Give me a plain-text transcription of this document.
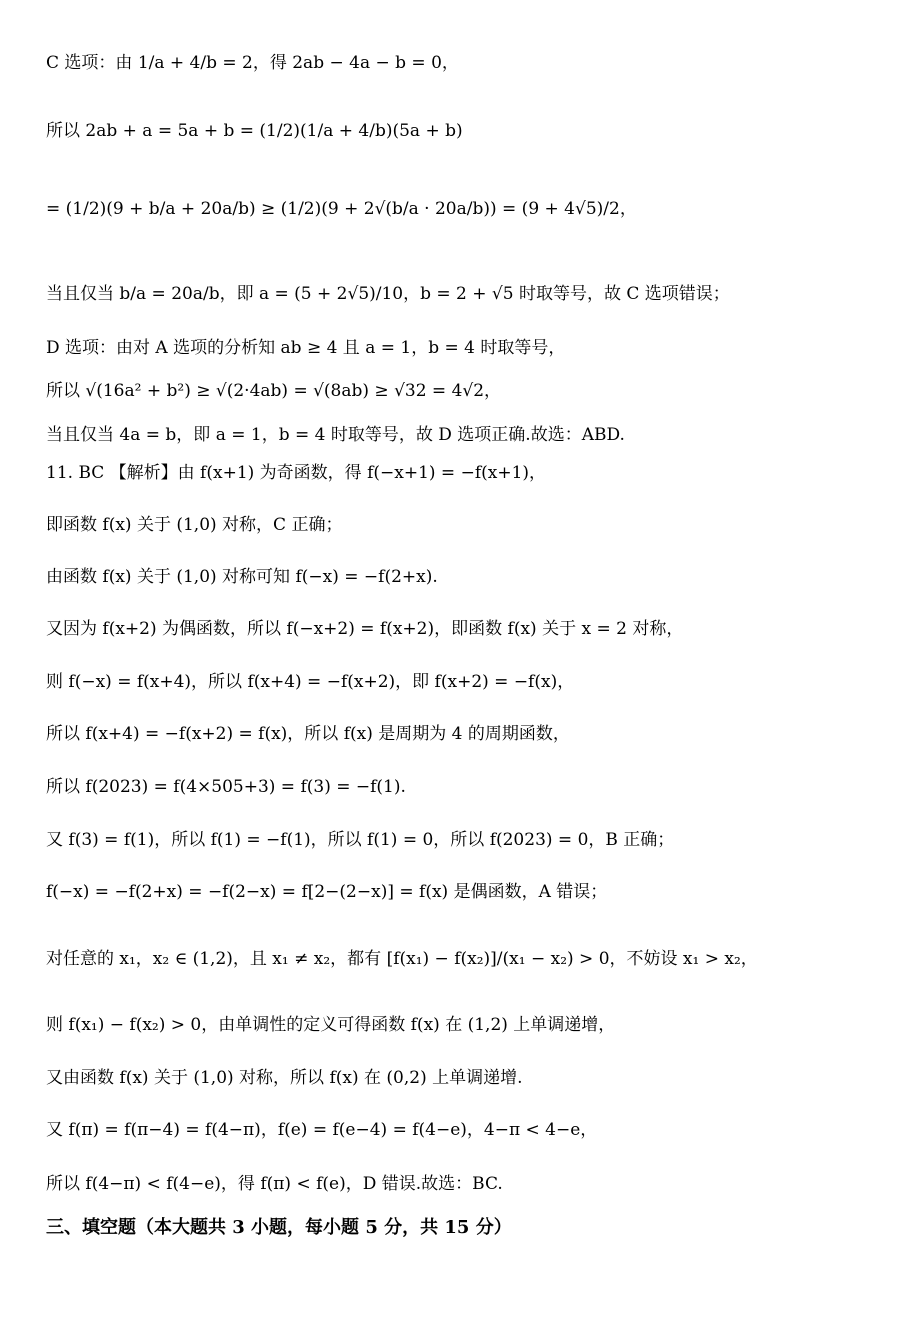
C 选项：由 1/a + 4/b = 2，得 2ab − 4a − b = 0，
所以 2ab + a = 5a + b = (1/2)(1/a + 4/b)(5a + b)
= (1/2)(9 + b/a + 20a/b) ≥ (1/2)(9 + 2√(b/a · 20a/b)) = (9 + 4√5)/2，
当且仅当 b/a = 20a/b，即 a = (5 + 2√5)/10，b = 2 + √5 时取等号，故 C 选项错误；
D 选项：由对 A 选项的分析知 ab ≥ 4 且 a = 1，b = 4 时取等号，
所以 √(16a² + b²) ≥ √(2·4ab) = √(8ab) ≥ √32 = 4√2，
当且仅当 4a = b，即 a = 1，b = 4 时取等号，故 D 选项正确.故选：ABD.
11. BC 【解析】由 f(x+1) 为奇函数，得 f(−x+1) = −f(x+1)，
即函数 f(x) 关于 (1,0) 对称，C 正确；
由函数 f(x) 关于 (1,0) 对称可知 f(−x) = −f(2+x).
又因为 f(x+2) 为偶函数，所以 f(−x+2) = f(x+2)，即函数 f(x) 关于 x = 2 对称，
则 f(−x) = f(x+4)，所以 f(x+4) = −f(x+2)，即 f(x+2) = −f(x)，
所以 f(x+4) = −f(x+2) = f(x)，所以 f(x) 是周期为 4 的周期函数，
所以 f(2023) = f(4×505+3) = f(3) = −f(1).
又 f(3) = f(1)，所以 f(1) = −f(1)，所以 f(1) = 0，所以 f(2023) = 0，B 正确；
f(−x) = −f(2+x) = −f(2−x) = f[2−(2−x)] = f(x) 是偶函数，A 错误；
对任意的 x₁，x₂ ∈ (1,2)，且 x₁ ≠ x₂，都有 [f(x₁) − f(x₂)]/(x₁ − x₂) > 0，不妨设 x₁ > x₂，
则 f(x₁) − f(x₂) > 0，由单调性的定义可得函数 f(x) 在 (1,2) 上单调递增，
又由函数 f(x) 关于 (1,0) 对称，所以 f(x) 在 (0,2) 上单调递增.
又 f(π) = f(π−4) = f(4−π)，f(e) = f(e−4) = f(4−e)，4−π < 4−e，
所以 f(4−π) < f(4−e)，得 f(π) < f(e)，D 错误.故选：BC.
三、填空题（本大题共 3 小题，每小题 5 分，共 15 分）
